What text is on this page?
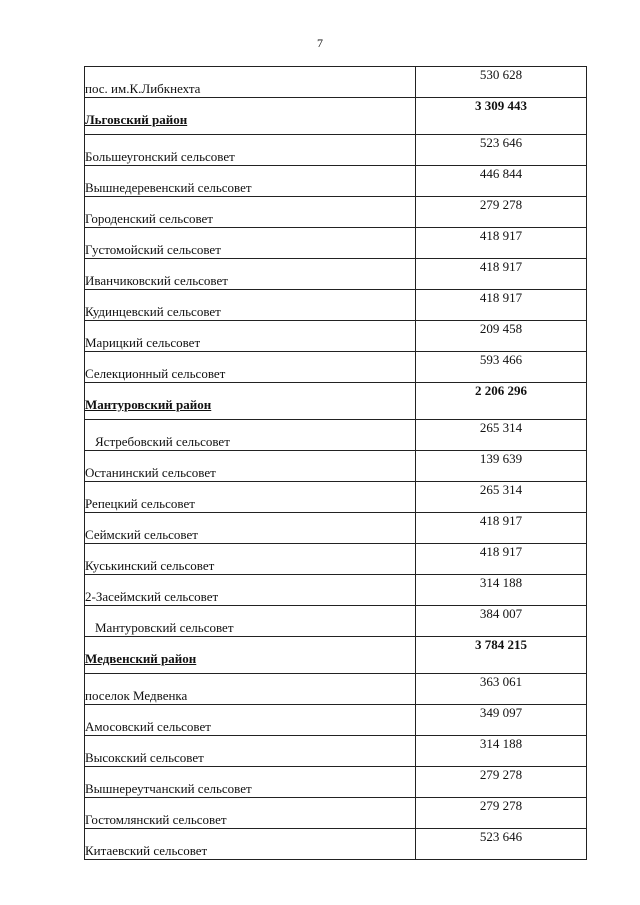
7
пос. им.К.Либкнехта	530 628
Льговский район	3 309 443
Большеугонский сельсовет	523 646
Вышнедеревенский сельсовет	446 844
Городенский сельсовет	279 278
Густомойский сельсовет	418 917
Иванчиковский сельсовет	418 917
Кудинцевский сельсовет	418 917
Марицкий сельсовет	209 458
Селекционный сельсовет	593 466
Мантуровский район	2 206 296
Ястребовский сельсовет	265 314
Останинский сельсовет	139 639
Репецкий сельсовет	265 314
Сеймский сельсовет	418 917
Куськинский сельсовет	418 917
2-Засеймский сельсовет	314 188
Мантуровский сельсовет	384 007
Медвенский район	3 784 215
поселок Медвенка	363 061
Амосовский сельсовет	349 097
Высокский сельсовет	314 188
Вышнереутчанский сельсовет	279 278
Гостомлянский сельсовет	279 278
Китаевский сельсовет	523 646
